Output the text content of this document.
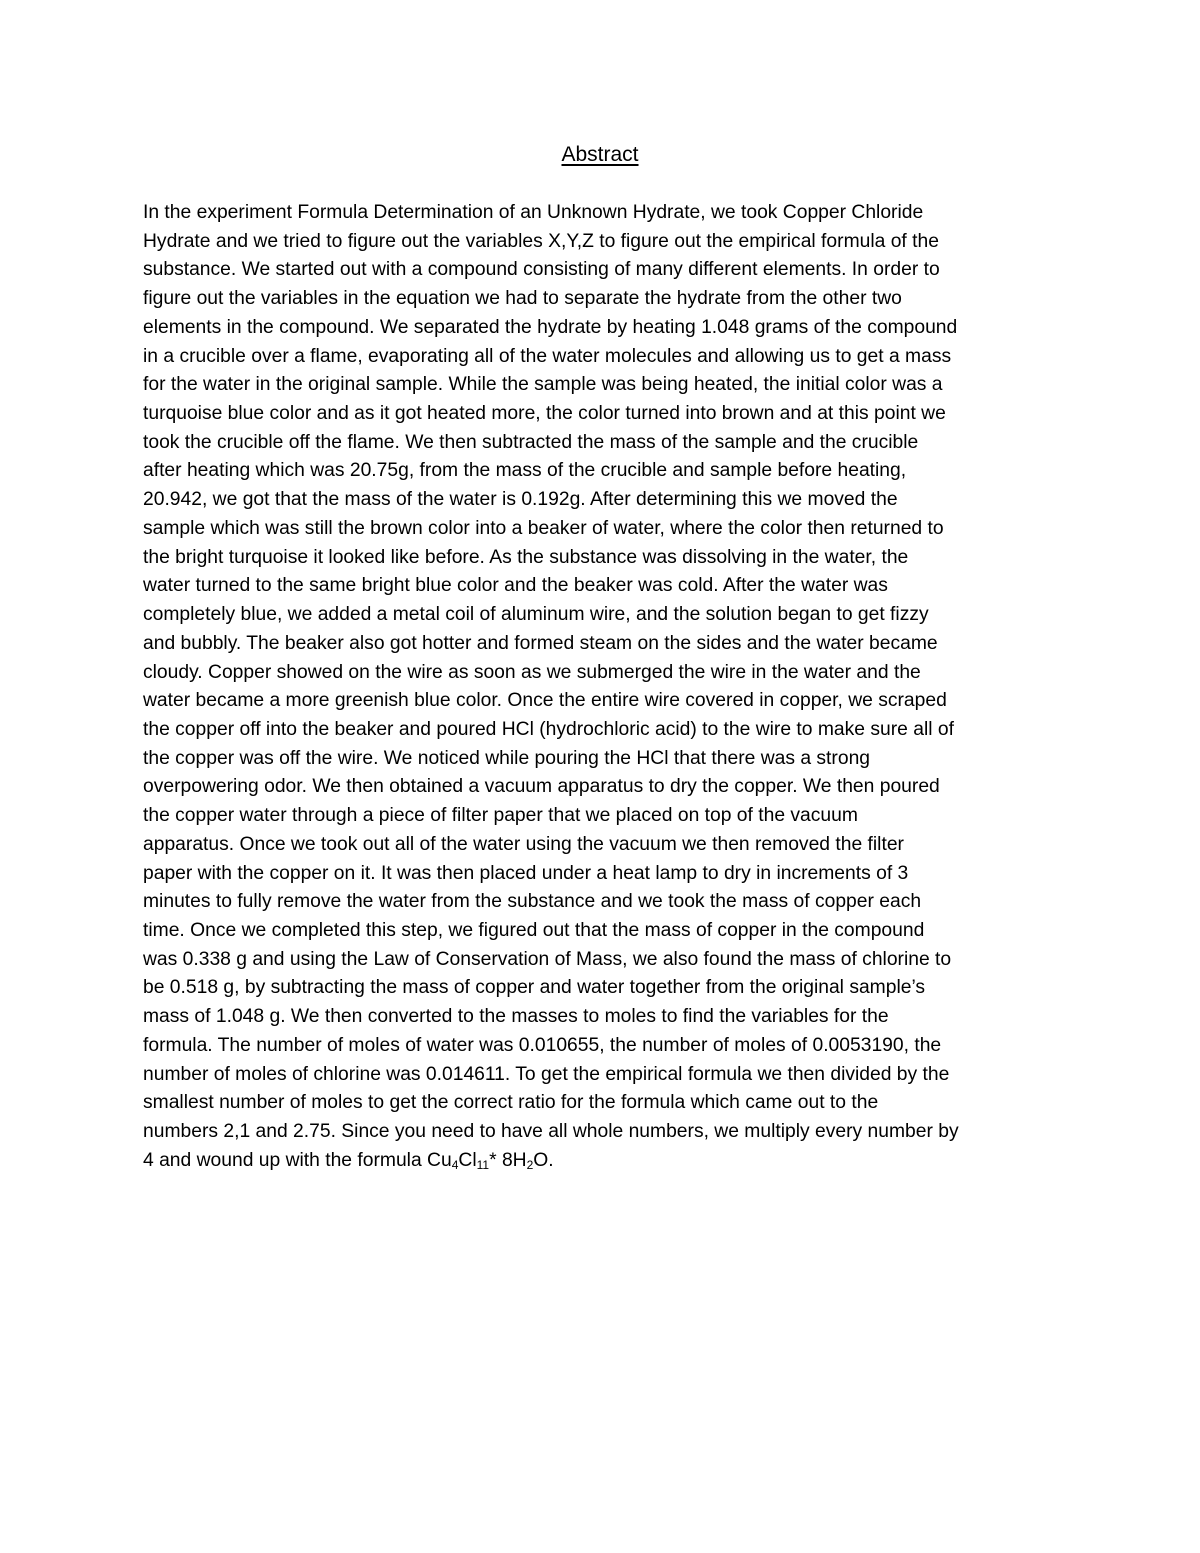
Abstract
In the experiment Formula Determination of an Unknown Hydrate, we took Copper Chloride
Hydrate and we tried to figure out the variables X,Y,Z to figure out the empirical formula of the
substance. We started out with a compound consisting of many different elements. In order to
figure out the variables in the equation we had to separate the hydrate from the other two
elements in the compound. We separated the hydrate by heating 1.048 grams of the compound
in a crucible over a flame, evaporating all of the water molecules and allowing us to get a mass
for the water in the original sample. While the sample was being heated, the initial color was a
turquoise blue color and as it got heated more, the color turned into brown and at this point we
took the crucible off the flame. We then subtracted the mass of the sample and the crucible
after heating which was 20.75g, from the mass of the crucible and sample before heating,
20.942, we got that the mass of the water is 0.192g. After determining this we moved the
sample which was still the brown color into a beaker of water, where the color then returned to
the bright turquoise it looked like before. As the substance was dissolving in the water, the
water turned to the same bright blue color and the beaker was cold. After the water was
completely blue, we added a metal coil of aluminum wire, and the solution began to get fizzy
and bubbly. The beaker also got hotter and formed steam on the sides and the water became
cloudy. Copper showed on the wire as soon as we submerged the wire in the water and the
water became a more greenish blue color. Once the entire wire covered in copper, we scraped
the copper off into the beaker and poured HCl (hydrochloric acid) to the wire to make sure all of
the copper was off the wire. We noticed while pouring the HCl that there was a strong
overpowering odor. We then obtained a vacuum apparatus to dry the copper. We then poured
the copper water through a piece of filter paper that we placed on top of the vacuum
apparatus. Once we took out all of the water using the vacuum we then removed the filter
paper with the copper on it. It was then placed under a heat lamp to dry in increments of 3
minutes to fully remove the water from the substance and we took the mass of copper each
time. Once we completed this step, we figured out that the mass of copper in the compound
was 0.338 g and using the Law of Conservation of Mass, we also found the mass of chlorine to
be 0.518 g, by subtracting the mass of copper and water together from the original sample’s
mass of 1.048 g. We then converted to the masses to moles to find the variables for the
formula. The number of moles of water was 0.010655, the number of moles of 0.0053190, the
number of moles of chlorine was 0.014611. To get the empirical formula we then divided by the
smallest number of moles to get the correct ratio for the formula which came out to the
numbers 2,1 and 2.75. Since you need to have all whole numbers, we multiply every number by
4 and wound up with the formula $Cu_4Cl_{11}*$ $8H_2O$.
